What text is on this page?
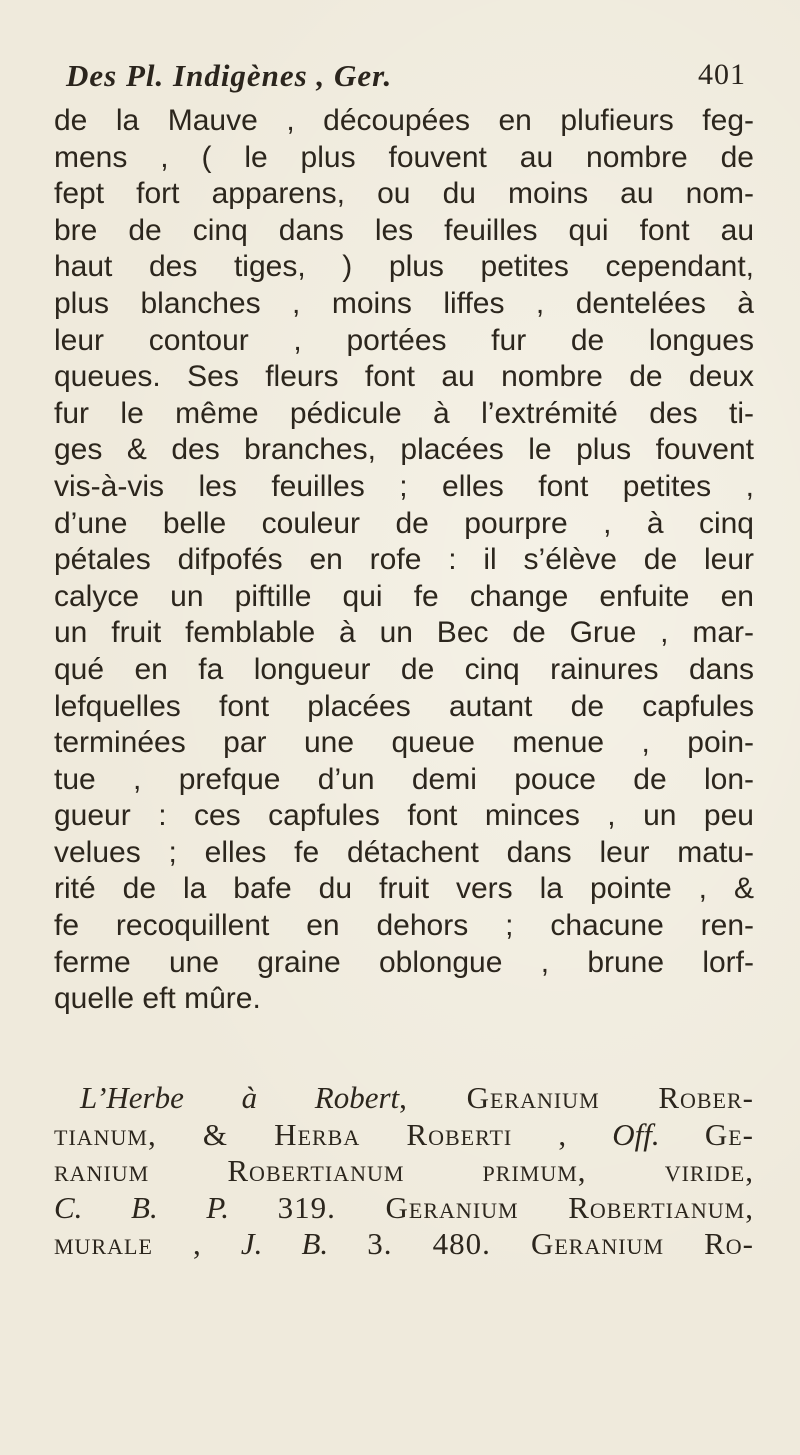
Des Pl. Indigènes , Ger.	401
de la Mauve , découpées en plufieurs feg-
mens , ( le plus fouvent au nombre de
fept fort apparens, ou du moins au nom-
bre de cinq dans les feuilles qui font au
haut des tiges, ) plus petites cependant,
plus blanches , moins liffes , dentelées à
leur contour , portées fur de longues
queues. Ses fleurs font au nombre de deux
fur le même pédicule à l’extrémité des ti-
ges & des branches, placées le plus fouvent
vis-à-vis les feuilles ; elles font petites ,
d’une belle couleur de pourpre , à cinq
pétales difpofés en rofe : il s’élève de leur
calyce un piftille qui fe change enfuite en
un fruit femblable à un Bec de Grue , mar-
qué en fa longueur de cinq rainures dans
lefquelles font placées autant de capfules
terminées par une queue menue , poin-
tue , prefque d’un demi pouce de lon-
gueur : ces capfules font minces , un peu
velues ; elles fe détachent dans leur matu-
rité de la bafe du fruit vers la pointe , &
fe recoquillent en dehors ; chacune ren-
ferme une graine oblongue , brune lorf-
quelle eft mûre.
L’Herbe à Robert, Geranium Rober-
tianum, & Herba Roberti , Off. Ge-
ranium Robertianum primum, viride,
C. B. P. 319. Geranium Robertianum,
murale , J. B. 3. 480. Geranium Ro-
